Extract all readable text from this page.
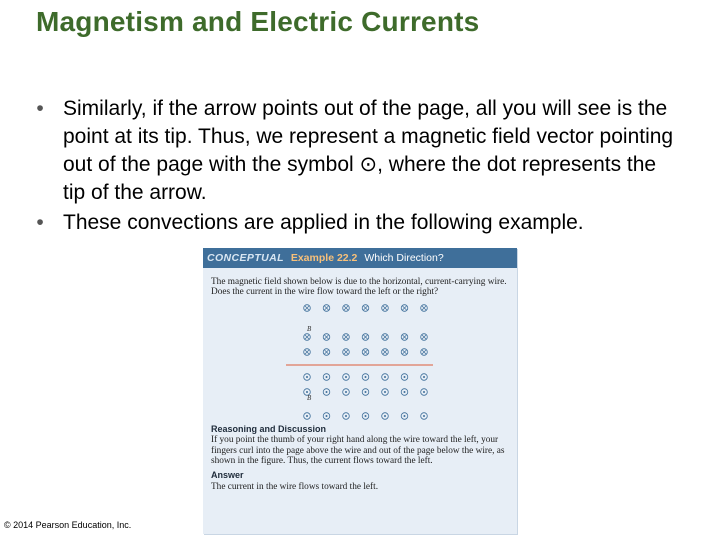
Magnetism and Electric Currents
• Similarly, if the arrow points out of the page, all you will see is the point at its tip. Thus, we represent a magnetic field vector pointing out of the page with the symbol ⊙, where the dot represents the tip of the arrow.
• These convections are applied in the following example.
CONCEPTUAL Example 22.2 Which Direction?
The magnetic field shown below is due to the horizontal, current-carrying wire. Does the current in the wire flow toward the left or the right?
B
B
Reasoning and Discussion
If you point the thumb of your right hand along the wire toward the left, your fingers curl into the page above the wire and out of the page below the wire, as shown in the figure. Thus, the current flows toward the left.
Answer
The current in the wire flows toward the left.
© 2014 Pearson Education, Inc.
